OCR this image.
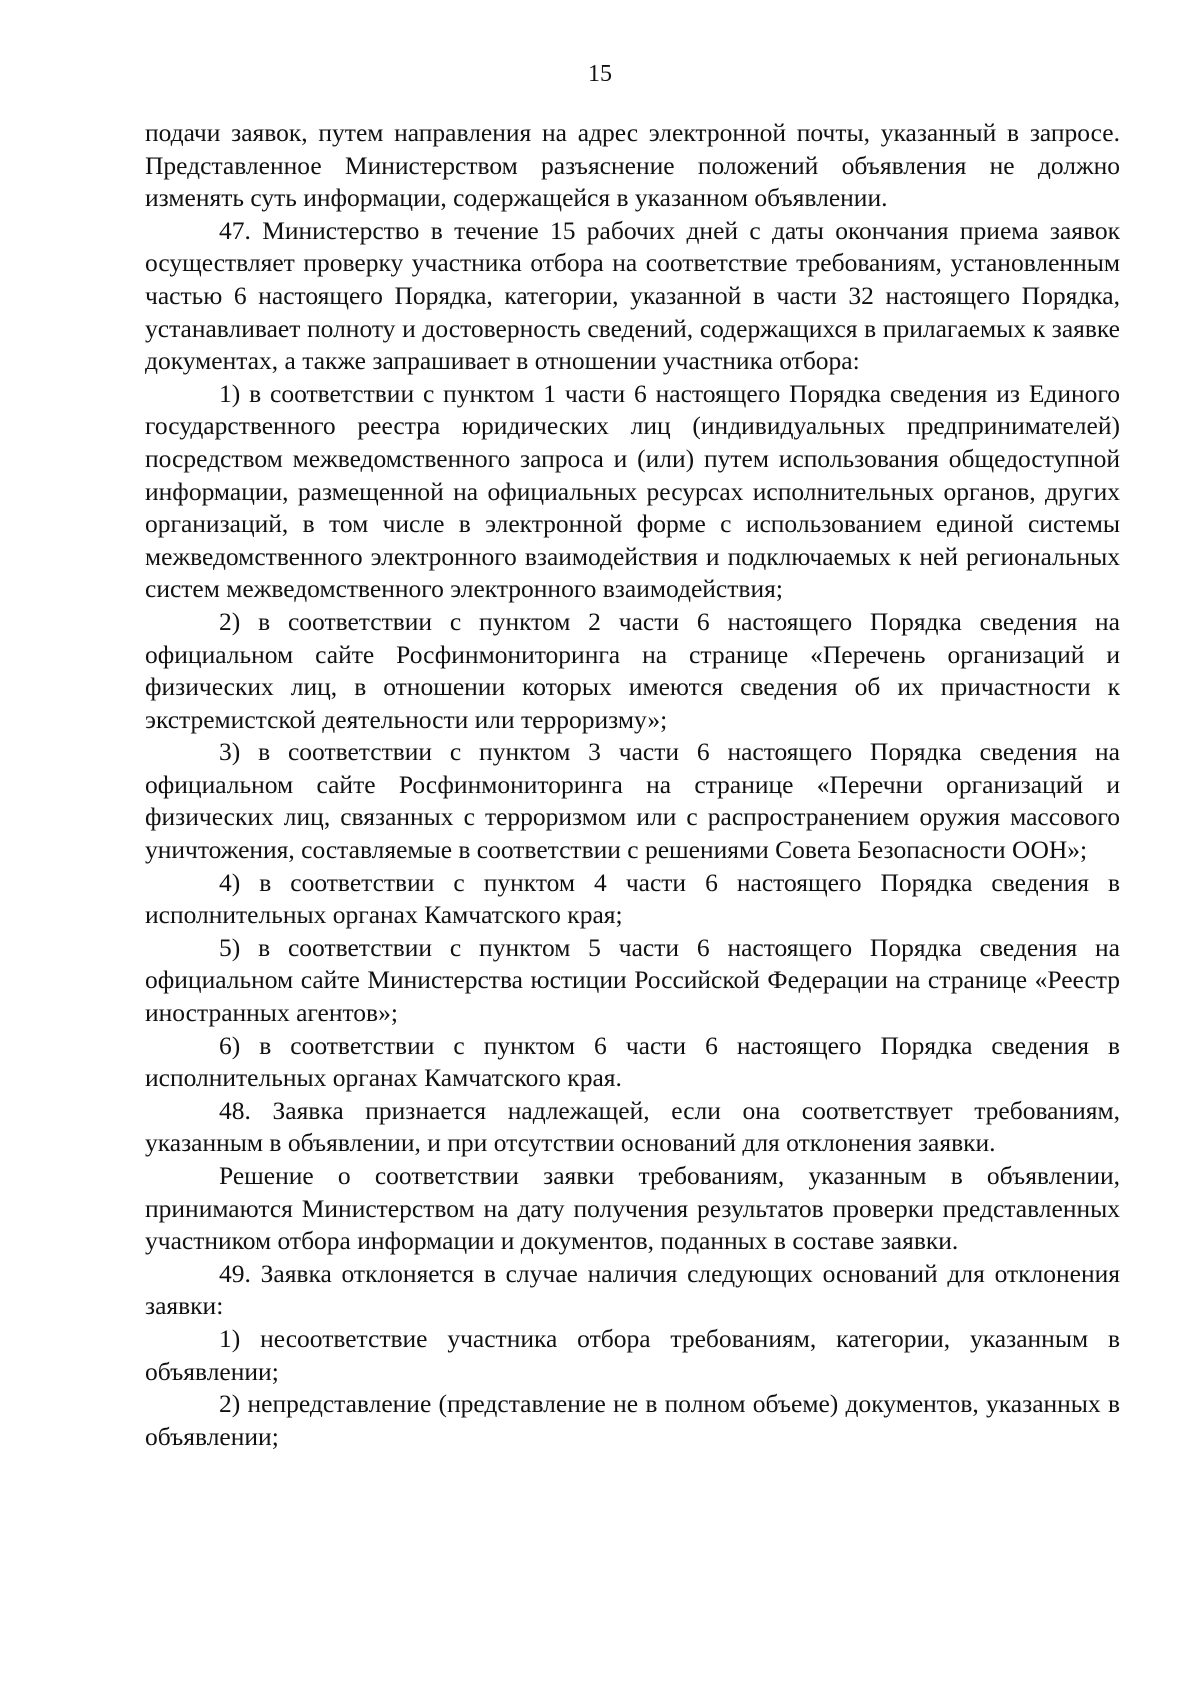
15

подачи заявок, путем направления на адрес электронной почты, указанный в запросе. Представленное Министерством разъяснение положений объявления не должно изменять суть информации, содержащейся в указанном объявлении.

47. Министерство в течение 15 рабочих дней с даты окончания приема заявок осуществляет проверку участника отбора на соответствие требованиям, установленным частью 6 настоящего Порядка, категории, указанной в части 32 настоящего Порядка, устанавливает полноту и достоверность сведений, содержащихся в прилагаемых к заявке документах, а также запрашивает в отношении участника отбора:

1) в соответствии с пунктом 1 части 6 настоящего Порядка сведения из Единого государственного реестра юридических лиц (индивидуальных предпринимателей) посредством межведомственного запроса и (или) путем использования общедоступной информации, размещенной на официальных ресурсах исполнительных органов, других организаций, в том числе в электронной форме с использованием единой системы межведомственного электронного взаимодействия и подключаемых к ней региональных систем межведомственного электронного взаимодействия;

2) в соответствии с пунктом 2 части 6 настоящего Порядка сведения на официальном сайте Росфинмониторинга на странице «Перечень организаций и физических лиц, в отношении которых имеются сведения об их причастности к экстремистской деятельности или терроризму»;

3) в соответствии с пунктом 3 части 6 настоящего Порядка сведения на официальном сайте Росфинмониторинга на странице «Перечни организаций и физических лиц, связанных с терроризмом или с распространением оружия массового уничтожения, составляемые в соответствии с решениями Совета Безопасности ООН»;

4) в соответствии с пунктом 4 части 6 настоящего Порядка сведения в исполнительных органах Камчатского края;

5) в соответствии с пунктом 5 части 6 настоящего Порядка сведения на официальном сайте Министерства юстиции Российской Федерации на странице «Реестр иностранных агентов»;

6) в соответствии с пунктом 6 части 6 настоящего Порядка сведения в исполнительных органах Камчатского края.

48. Заявка признается надлежащей, если она соответствует требованиям, указанным в объявлении, и при отсутствии оснований для отклонения заявки.

Решение о соответствии заявки требованиям, указанным в объявлении, принимаются Министерством на дату получения результатов проверки представленных участником отбора информации и документов, поданных в составе заявки.

49. Заявка отклоняется в случае наличия следующих оснований для отклонения заявки:

1) несоответствие участника отбора требованиям, категории, указанным в объявлении;

2) непредставление (представление не в полном объеме) документов, указанных в объявлении;
